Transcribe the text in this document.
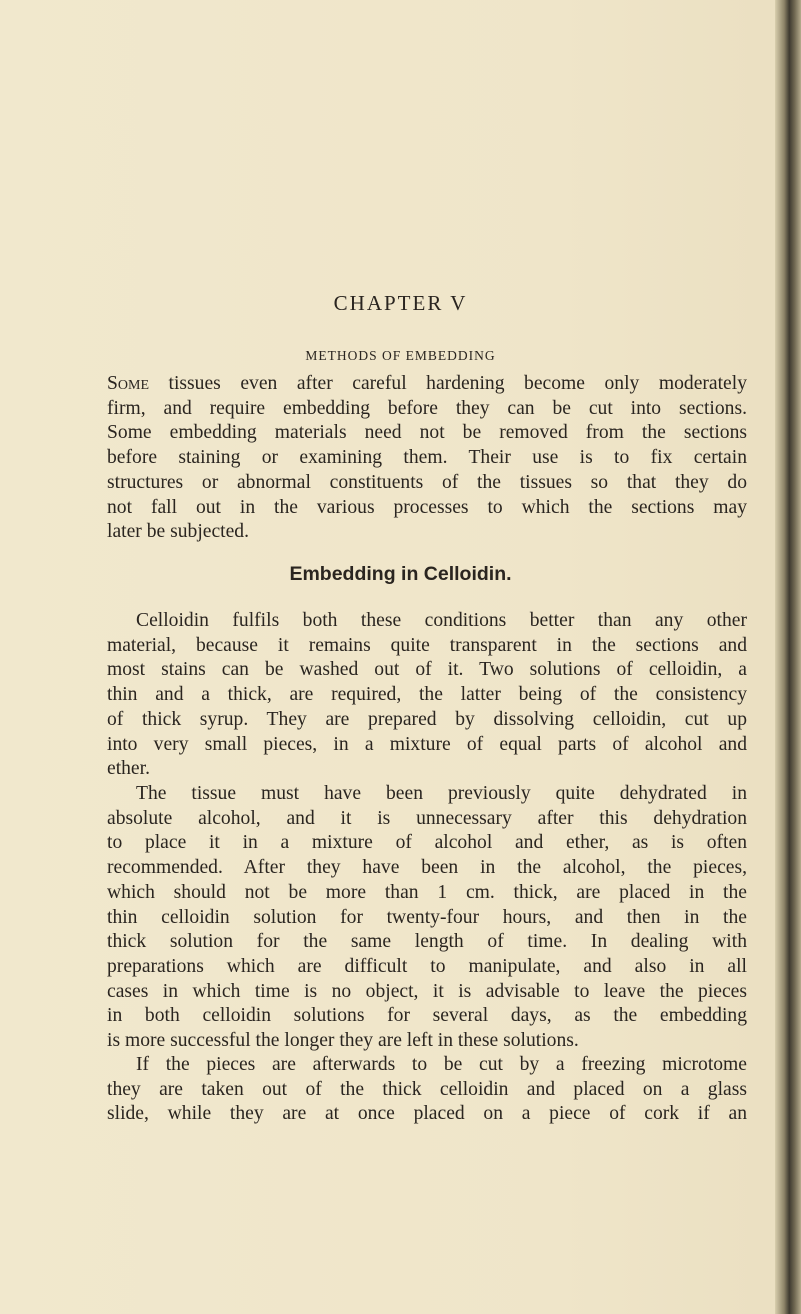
CHAPTER V
METHODS OF EMBEDDING

Some tissues even after careful hardening become only moderately
firm, and require embedding before they can be cut into sections.
Some embedding materials need not be removed from the sections
before staining or examining them. Their use is to fix certain
structures or abnormal constituents of the tissues so that they do
not fall out in the various processes to which the sections may
later be subjected.

Embedding in Celloidin.

Celloidin fulfils both these conditions better than any other
material, because it remains quite transparent in the sections and
most stains can be washed out of it. Two solutions of celloidin, a
thin and a thick, are required, the latter being of the consistency
of thick syrup. They are prepared by dissolving celloidin, cut up
into very small pieces, in a mixture of equal parts of alcohol and
ether.

The tissue must have been previously quite dehydrated in
absolute alcohol, and it is unnecessary after this dehydration
to place it in a mixture of alcohol and ether, as is often
recommended. After they have been in the alcohol, the pieces,
which should not be more than 1 cm. thick, are placed in the
thin celloidin solution for twenty-four hours, and then in the
thick solution for the same length of time. In dealing with
preparations which are difficult to manipulate, and also in all
cases in which time is no object, it is advisable to leave the pieces
in both celloidin solutions for several days, as the embedding
is more successful the longer they are left in these solutions.

If the pieces are afterwards to be cut by a freezing microtome
they are taken out of the thick celloidin and placed on a glass
slide, while they are at once placed on a piece of cork if an
